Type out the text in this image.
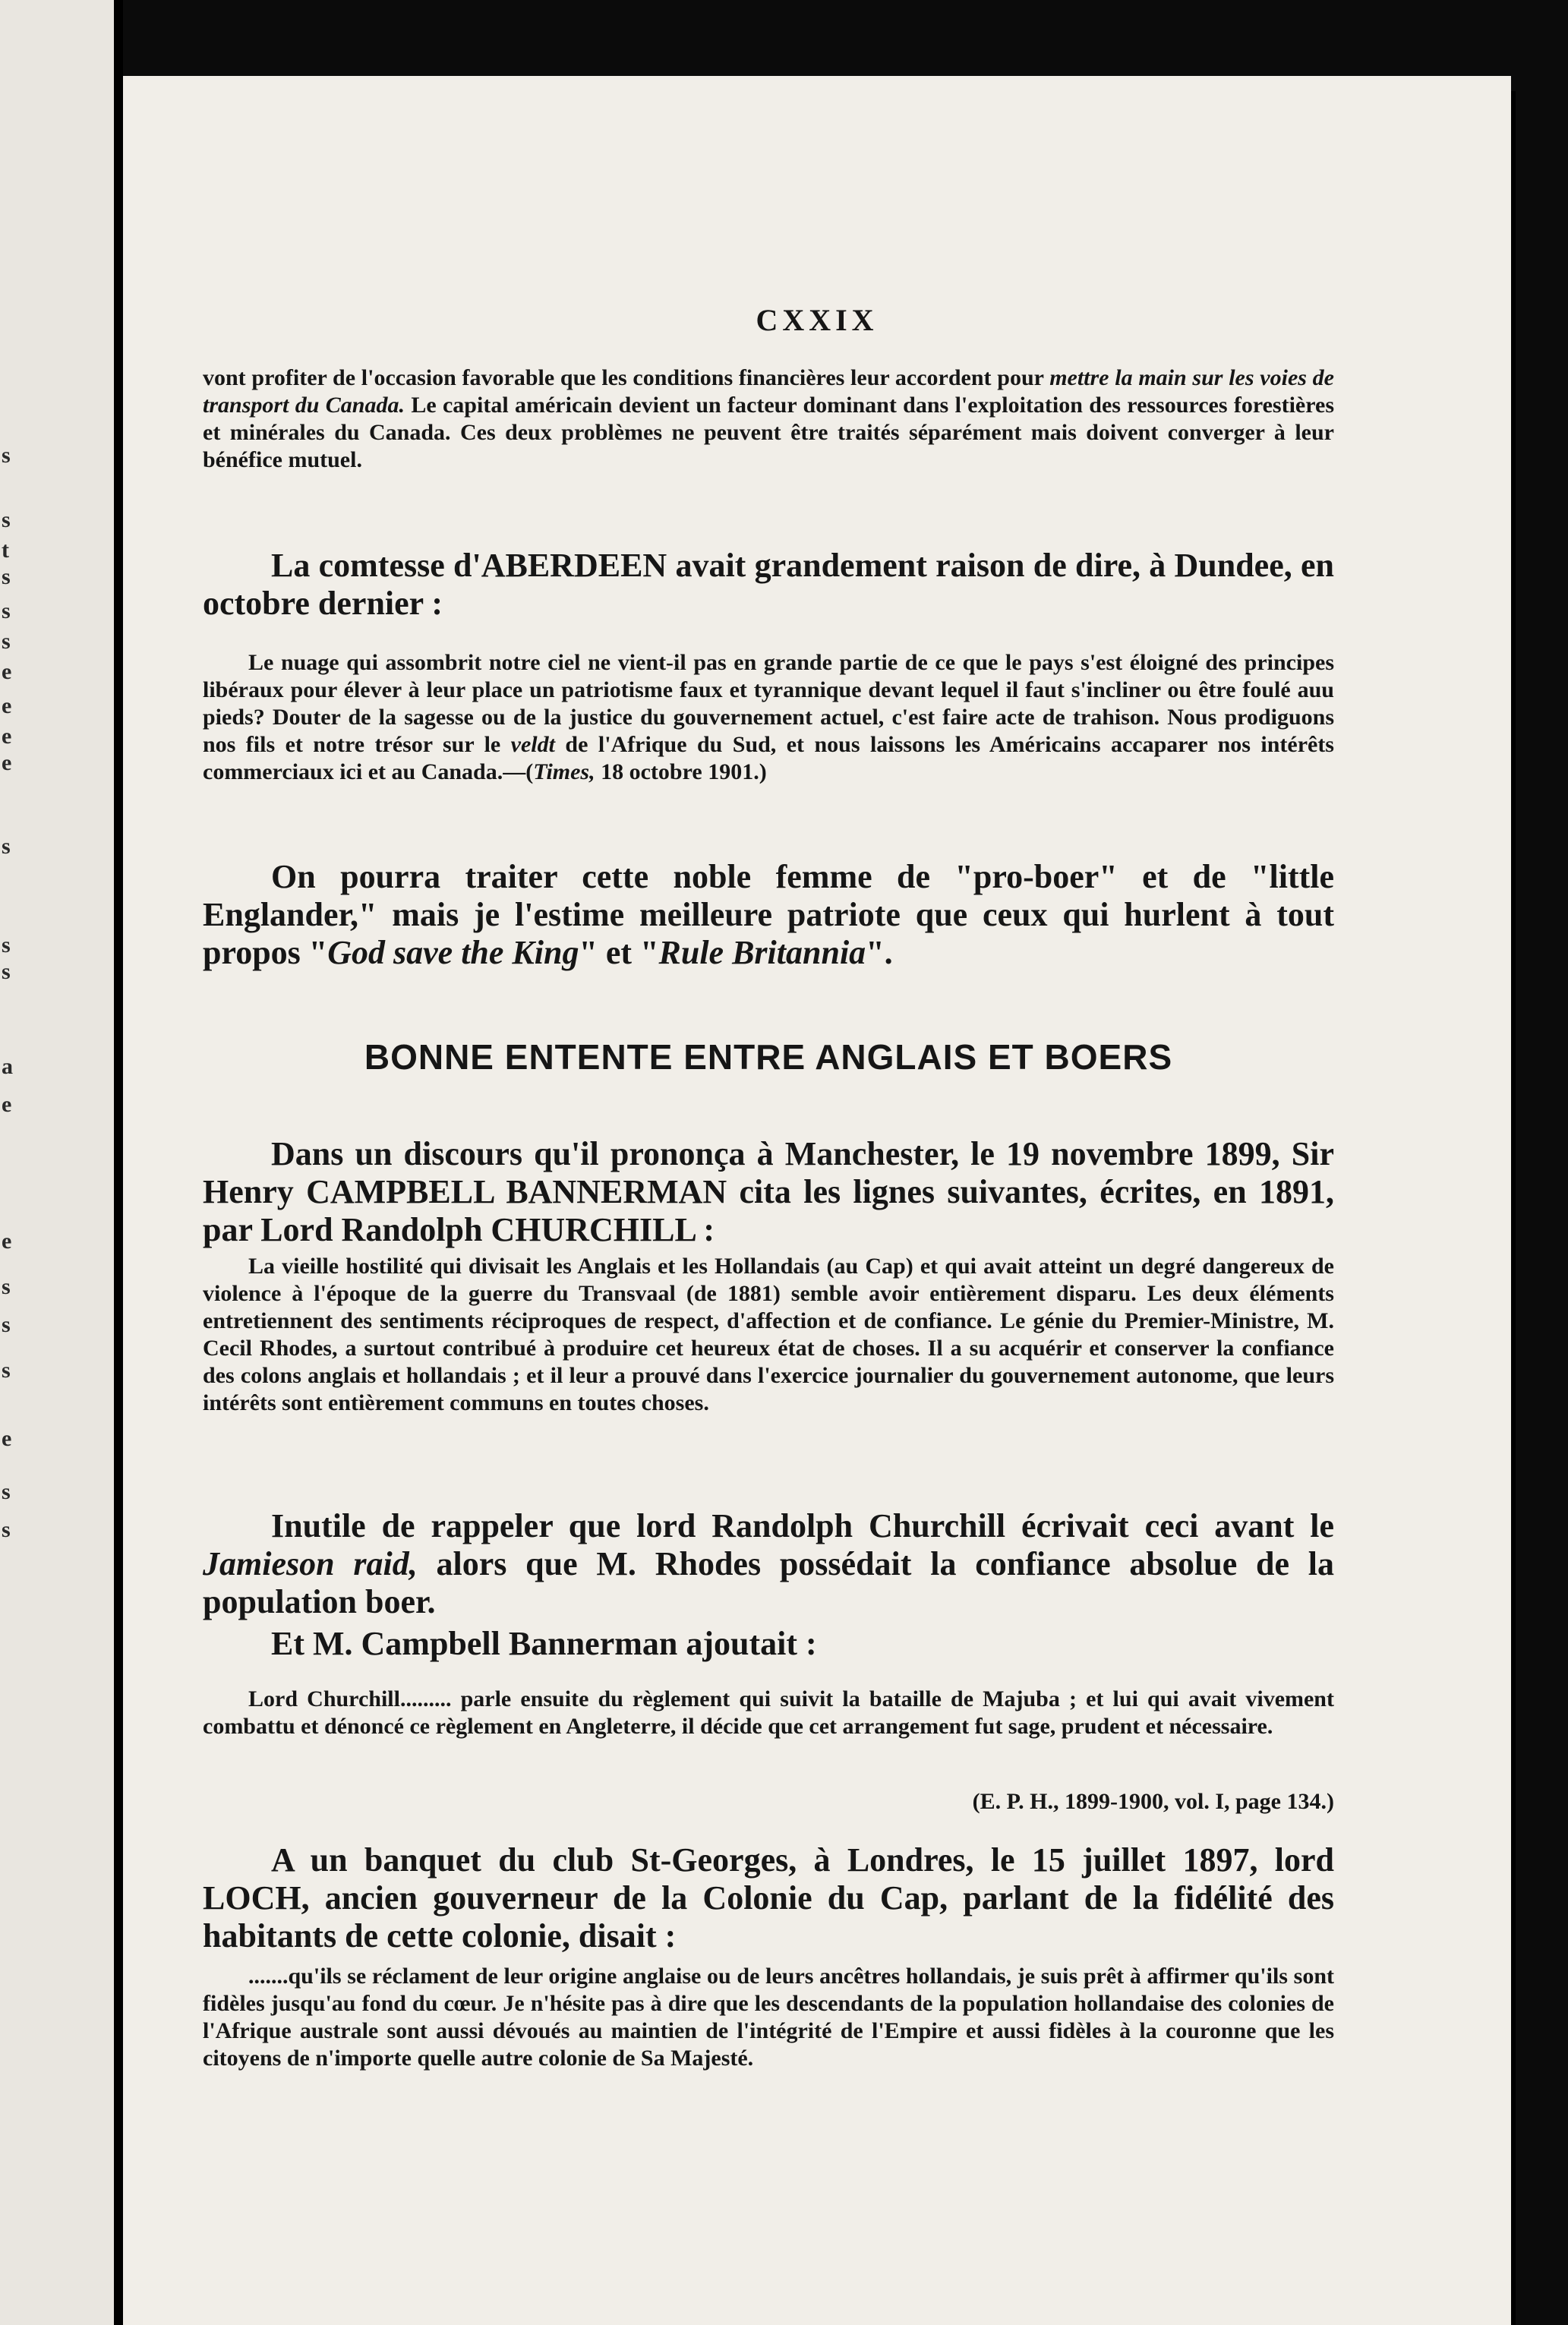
s
s
t
s
s
s
e
e
e
e
s
s
s
a
e
e
s
s
s
e
s
s
CXXIX
vont profiter de l'occasion favorable que les conditions financières leur accordent pour mettre la main sur les voies de transport du Canada. Le capital américain devient un facteur dominant dans l'exploitation des ressources forestières et minérales du Canada. Ces deux problèmes ne peuvent être traités séparément mais doivent converger à leur bénéfice mutuel.
La comtesse d'ABERDEEN avait grandement raison de dire, à Dundee, en octobre dernier :
Le nuage qui assombrit notre ciel ne vient-il pas en grande partie de ce que le pays s'est éloigné des principes libéraux pour élever à leur place un patriotisme faux et tyrannique devant lequel il faut s'incliner ou être foulé auu pieds? Douter de la sagesse ou de la justice du gouvernement actuel, c'est faire acte de trahison. Nous prodiguons nos fils et notre trésor sur le veldt de l'Afrique du Sud, et nous laissons les Américains accaparer nos intérêts commerciaux ici et au Canada.—(Times, 18 octobre 1901.)
On pourra traiter cette noble femme de "pro-boer" et de "little Englander," mais je l'estime meilleure patriote que ceux qui hurlent à tout propos "God save the King" et "Rule Britannia".
BONNE ENTENTE ENTRE ANGLAIS ET BOERS
Dans un discours qu'il prononça à Manchester, le 19 novembre 1899, Sir Henry CAMPBELL BANNERMAN cita les lignes suivantes, écrites, en 1891, par Lord Randolph CHURCHILL :
La vieille hostilité qui divisait les Anglais et les Hollandais (au Cap) et qui avait atteint un degré dangereux de violence à l'époque de la guerre du Transvaal (de 1881) semble avoir entièrement disparu. Les deux éléments entretiennent des sentiments réciproques de respect, d'affection et de confiance. Le génie du Premier-Ministre, M. Cecil Rhodes, a surtout contribué à produire cet heureux état de choses. Il a su acquérir et conserver la confiance des colons anglais et hollandais ; et il leur a prouvé dans l'exercice journalier du gouvernement autonome, que leurs intérêts sont entièrement communs en toutes choses.
Inutile de rappeler que lord Randolph Churchill écrivait ceci avant le Jamieson raid, alors que M. Rhodes possédait la confiance absolue de la population boer.
Et M. Campbell Bannerman ajoutait :
Lord Churchill......... parle ensuite du règlement qui suivit la bataille de Majuba ; et lui qui avait vivement combattu et dénoncé ce règlement en Angleterre, il décide que cet arrangement fut sage, prudent et nécessaire.
(E. P. H., 1899-1900, vol. I, page 134.)
A un banquet du club St-Georges, à Londres, le 15 juillet 1897, lord LOCH, ancien gouverneur de la Colonie du Cap, parlant de la fidélité des habitants de cette colonie, disait :
.......qu'ils se réclament de leur origine anglaise ou de leurs ancêtres hollandais, je suis prêt à affirmer qu'ils sont fidèles jusqu'au fond du cœur. Je n'hésite pas à dire que les descendants de la population hollandaise des colonies de l'Afrique australe sont aussi dévoués au maintien de l'intégrité de l'Empire et aussi fidèles à la couronne que les citoyens de n'importe quelle autre colonie de Sa Majesté.
